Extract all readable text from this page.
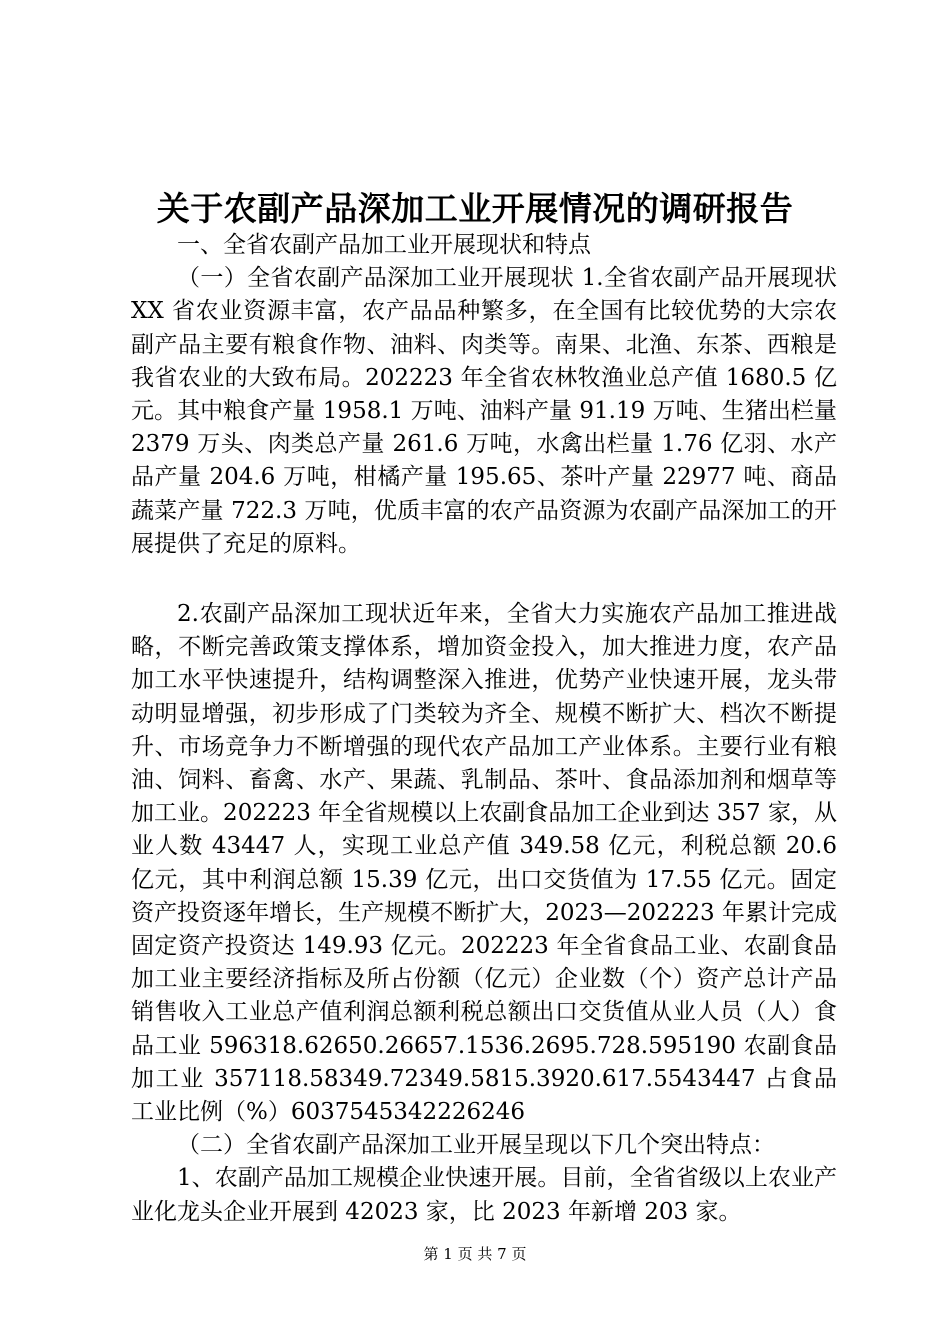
关于农副产品深加工业开展情况的调研报告

一、全省农副产品加工业开展现状和特点

（一）全省农副产品深加工业开展现状 1.全省农副产品开展现状 XX 省农业资源丰富，农产品品种繁多，在全国有比较优势的大宗农副产品主要有粮食作物、油料、肉类等。南果、北渔、东茶、西粮是我省农业的大致布局。202223 年全省农林牧渔业总产值 1680.5 亿元。其中粮食产量 1958.1 万吨、油料产量 91.19 万吨、生猪出栏量 2379 万头、肉类总产量 261.6 万吨，水禽出栏量 1.76 亿羽、水产品产量 204.6 万吨，柑橘产量 195.65、茶叶产量 22977 吨、商品蔬菜产量 722.3 万吨，优质丰富的农产品资源为农副产品深加工的开展提供了充足的原料。

2.农副产品深加工现状近年来，全省大力实施农产品加工推进战略，不断完善政策支撑体系，增加资金投入，加大推进力度，农产品加工水平快速提升，结构调整深入推进，优势产业快速开展，龙头带动明显增强，初步形成了门类较为齐全、规模不断扩大、档次不断提升、市场竞争力不断增强的现代农产品加工产业体系。主要行业有粮油、饲料、畜禽、水产、果蔬、乳制品、茶叶、食品添加剂和烟草等加工业。202223 年全省规模以上农副食品加工企业到达 357 家，从业人数 43447 人，实现工业总产值 349.58 亿元，利税总额 20.6 亿元，其中利润总额 15.39 亿元，出口交货值为 17.55 亿元。固定资产投资逐年增长，生产规模不断扩大，2023—202223 年累计完成固定资产投资达 149.93 亿元。202223 年全省食品工业、农副食品加工业主要经济指标及所占份额（亿元）企业数（个）资产总计产品销售收入工业总产值利润总额利税总额出口交货值从业人员（人）食品工业 596318.62650.26657.1536.2695.728.595190 农副食品加工业 357118.58349.72349.5815.3920.617.5543447 占食品工业比例（%）6037545342226246

（二）全省农副产品深加工业开展呈现以下几个突出特点：

1、农副产品加工规模企业快速开展。目前，全省省级以上农业产业化龙头企业开展到 42023 家，比 2023 年新增 203 家。

第 1 页 共 7 页
